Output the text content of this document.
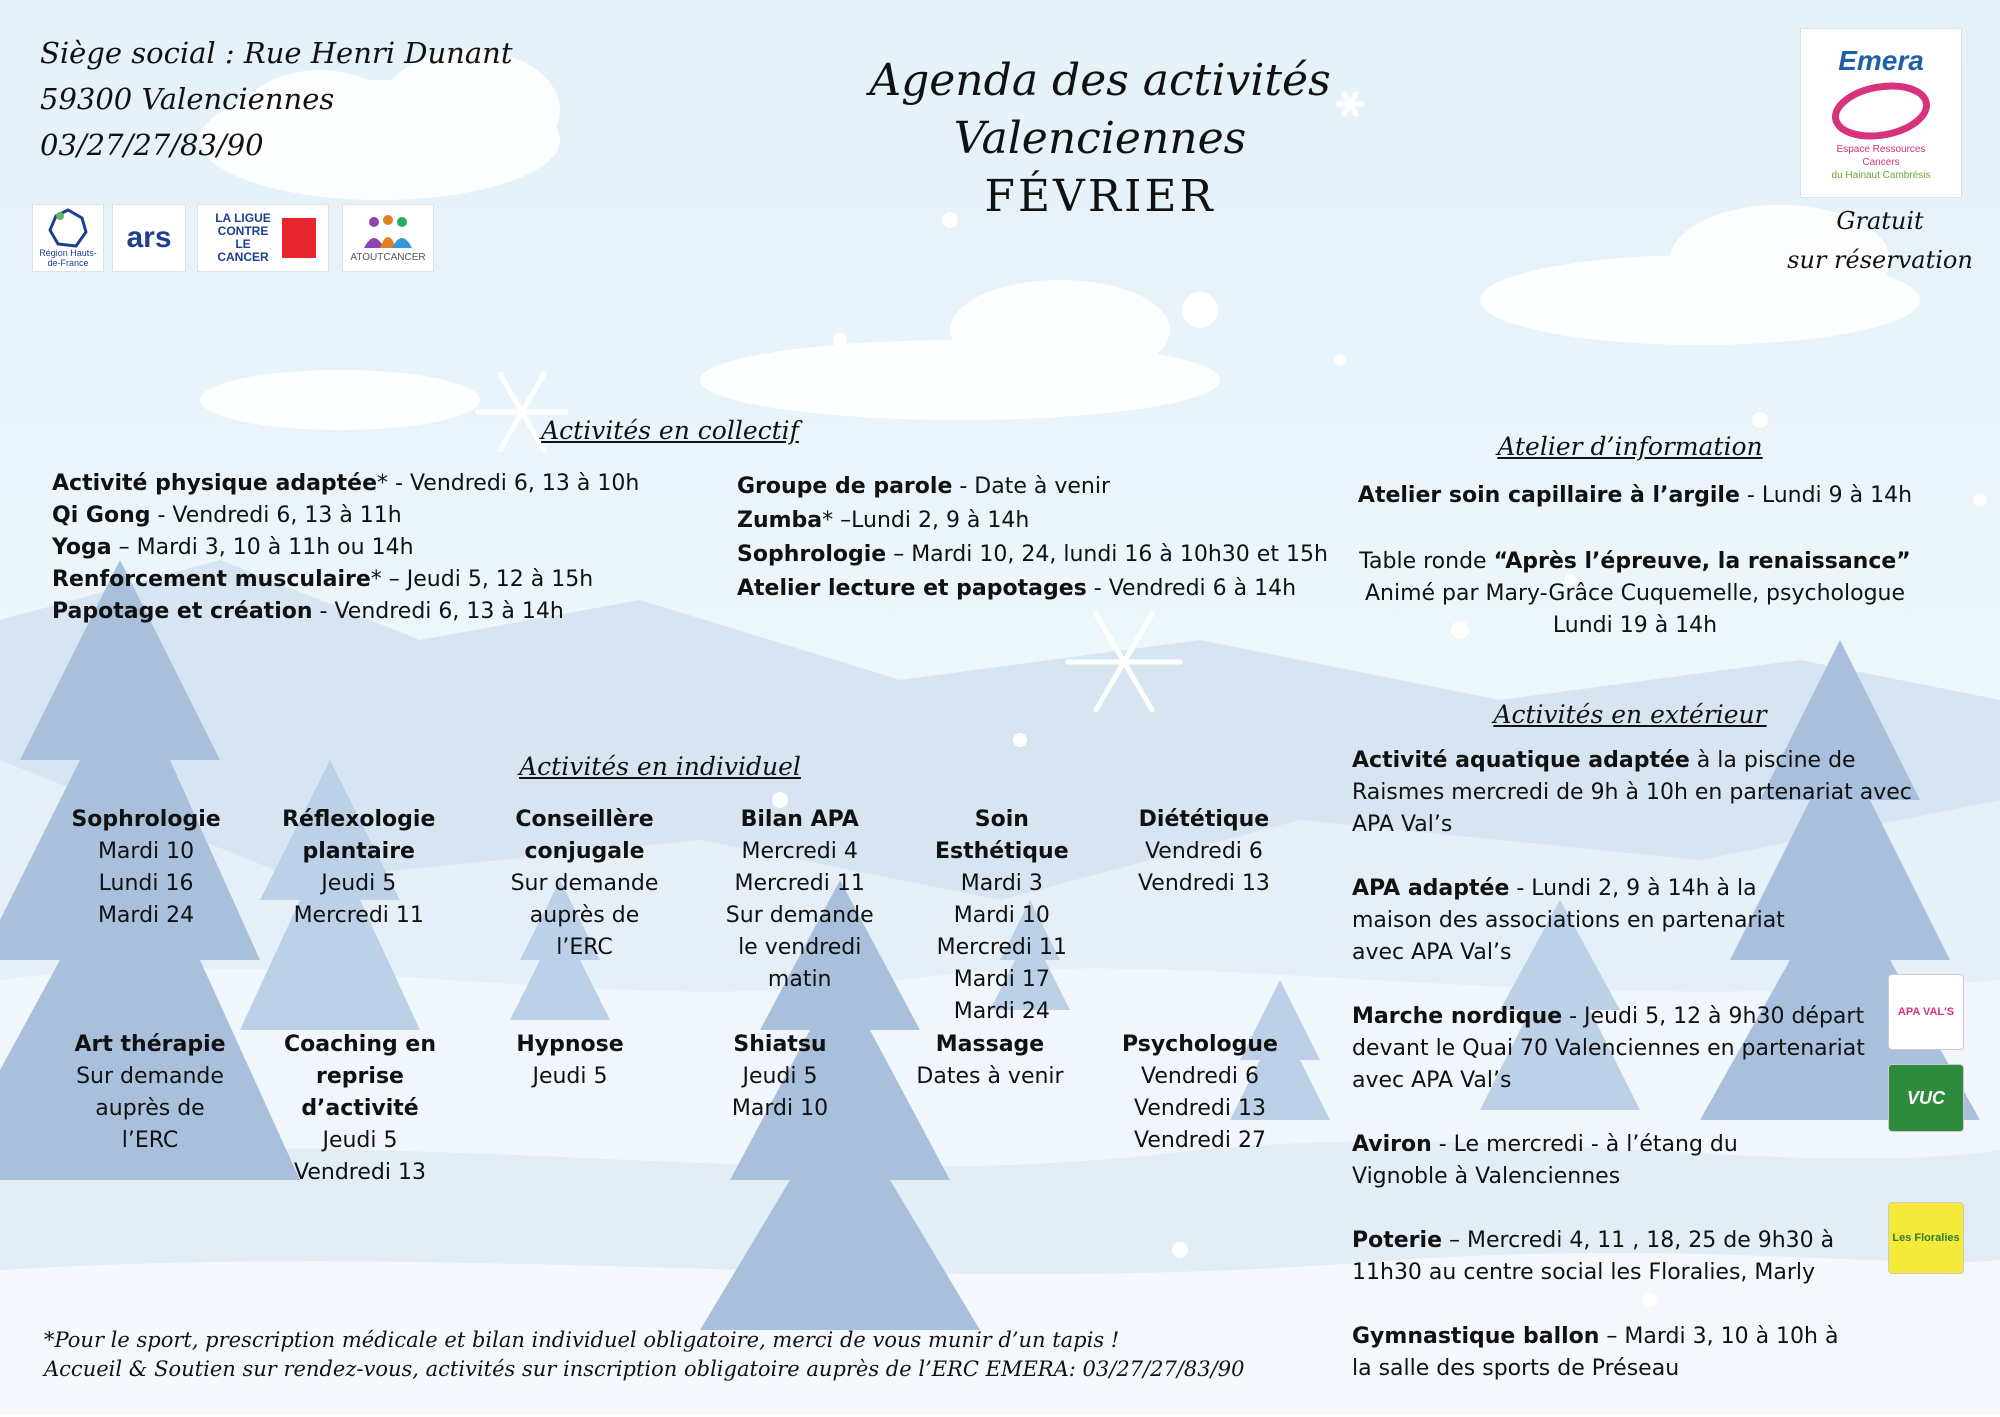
Siège social : Rue Henri Dunant
59300 Valenciennes
03/27/27/83/90
Agenda des activités
Valenciennes
FÉVRIER
Région Hauts-de-France
ars
LA LIGUE CONTRE LE CANCER	ATOUTCANCER
Emera
Espace Ressources
Cancers
du Hainaut Cambrésis
Gratuit
sur réservation
Activités en collectif
Activité physique adaptée* - Vendredi 6, 13 à 10h
Qi Gong - Vendredi 6, 13 à 11h
Yoga – Mardi 3, 10 à 11h ou 14h
Renforcement musculaire* – Jeudi 5, 12 à 15h
Papotage et création - Vendredi 6, 13 à 14h
Groupe de parole - Date à venir
Zumba* –Lundi 2, 9 à 14h
Sophrologie – Mardi 10, 24, lundi 16 à 10h30 et 15h
Atelier lecture et papotages - Vendredi 6 à 14h
Atelier d’information
Atelier soin capillaire à l’argile - Lundi 9 à 14h
Table ronde “Après l’épreuve, la renaissance”
Animé par Mary-Grâce Cuquemelle, psychologue
Lundi 19 à 14h
Activités en individuel
Sophrologie
Mardi 10
Lundi 16
Mardi 24
Réflexologie plantaire
Jeudi 5
Mercredi 11
Conseillère conjugale
Sur demande auprès de l’ERC
Bilan APA
Mercredi 4
Mercredi 11
Sur demande le vendredi matin
Soin Esthétique
Mardi 3
Mardi 10
Mercredi 11
Mardi 17
Mardi 24
Diététique
Vendredi 6
Vendredi 13
Art thérapie
Sur demande auprès de l’ERC
Coaching en reprise d’activité
Jeudi 5
Vendredi 13
Hypnose
Jeudi 5
Shiatsu
Jeudi 5
Mardi 10
Massage
Dates à venir
Psychologue
Vendredi 6
Vendredi 13
Vendredi 27
Activités en extérieur
Activité aquatique adaptée à la piscine de Raismes mercredi de 9h à 10h en partenariat avec APA Val’s
APA adaptée - Lundi 2, 9 à 14h à la maison des associations en partenariat avec APA Val’s
Marche nordique - Jeudi 5, 12 à 9h30 départ devant le Quai 70 Valenciennes en partenariat avec APA Val’s
Aviron - Le mercredi - à l’étang du Vignoble à Valenciennes
Poterie – Mercredi 4, 11 , 18, 25 de 9h30 à 11h30 au centre social les Floralies, Marly
Gymnastique ballon – Mardi 3, 10 à 10h à la salle des sports de Préseau
APA VAL'S
VUC
Les Floralies
*Pour le sport, prescription médicale et bilan individuel obligatoire, merci de vous munir d’un tapis !
Accueil & Soutien sur rendez-vous, activités sur inscription obligatoire auprès de l’ERC EMERA: 03/27/27/83/90
